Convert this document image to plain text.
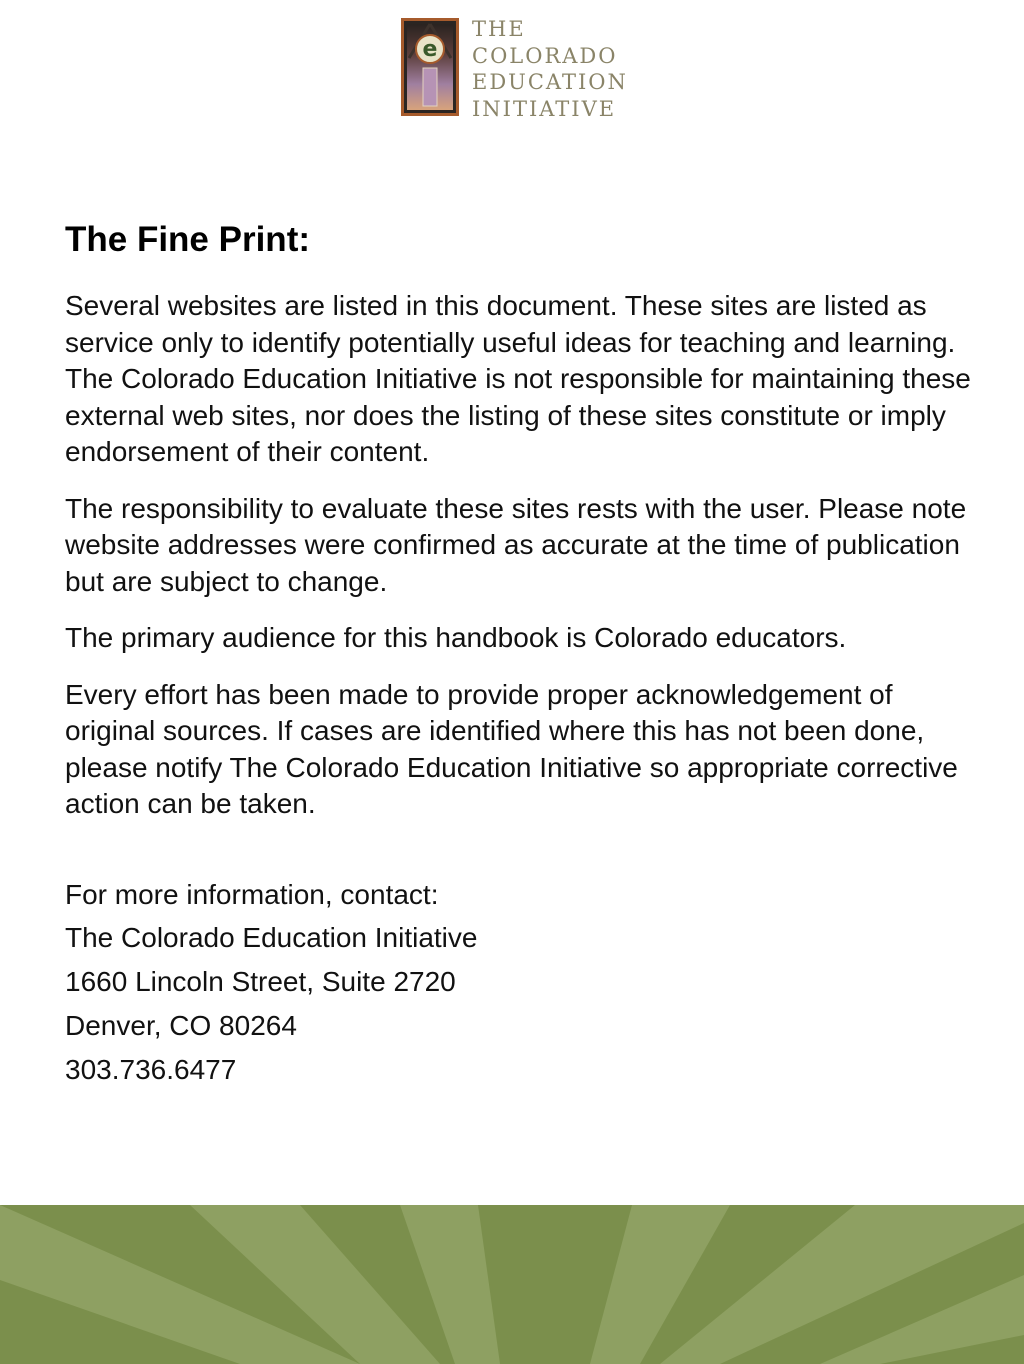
e
THE
COLORADO
EDUCATION
INITIATIVE
The Fine Print:

Several websites are listed in this document. These sites are listed as service only to identify potentially useful ideas for teaching and learning. The Colorado Education Initiative is not responsible for maintaining these external web sites, nor does the listing of these sites constitute or imply endorsement of their content.

The responsibility to evaluate these sites rests with the user. Please note website addresses were confirmed as accurate at the time of publication but are subject to change.

The primary audience for this handbook is Colorado educators.

Every effort has been made to provide proper acknowledgement of original sources. If cases are identified where this has not been done, please notify The Colorado Education Initiative so appropriate corrective action can be taken.

For more information, contact:
The Colorado Education Initiative
1660 Lincoln Street, Suite 2720
Denver, CO 80264
303.736.6477
